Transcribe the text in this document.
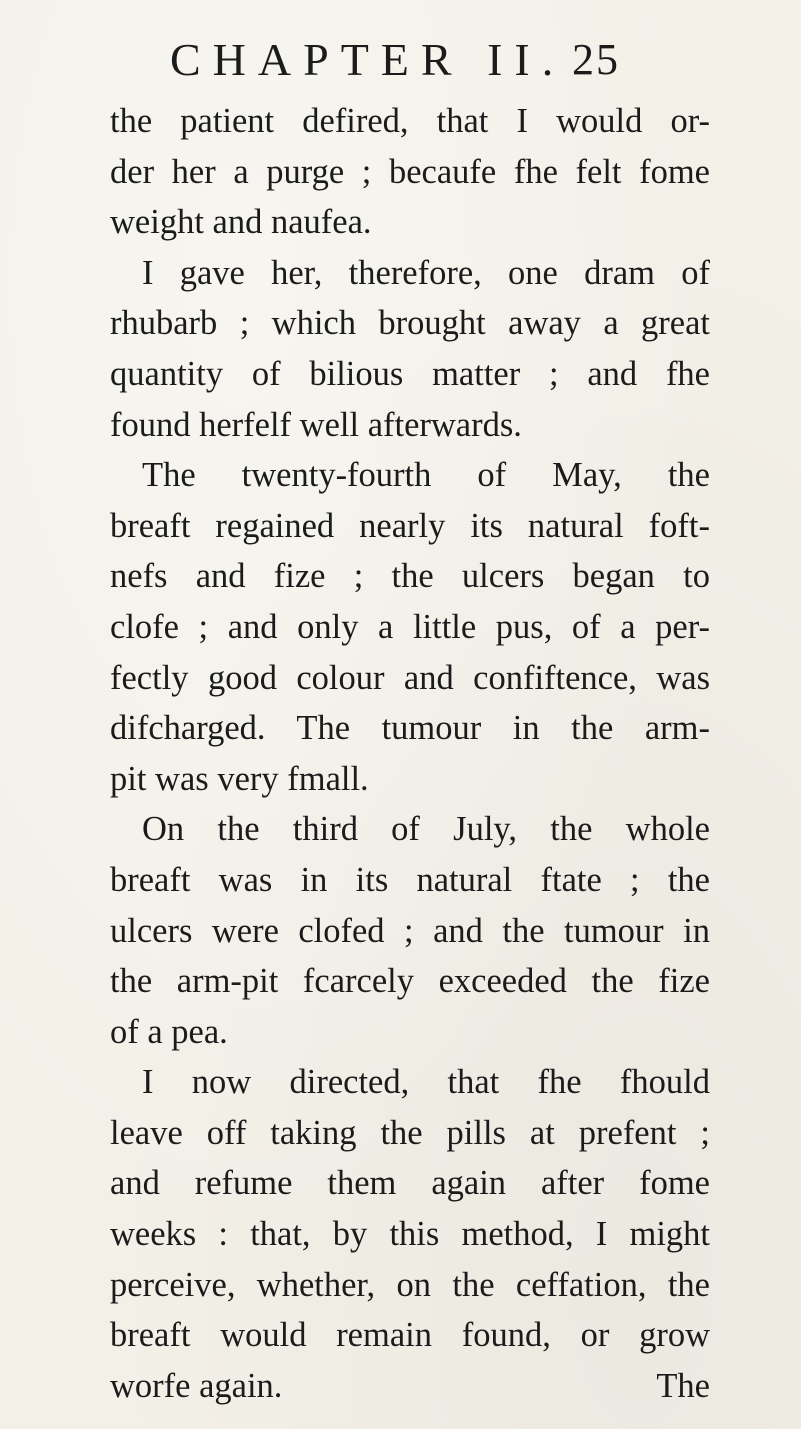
CHAPTER II. 25
the patient defired, that I would or-
der her a purge ; becaufe fhe felt fome
weight and naufea.
I gave her, therefore, one dram of
rhubarb ; which brought away a great
quantity of bilious matter ; and fhe
found herfelf well afterwards.
The twenty-fourth of May, the
breaft regained nearly its natural foft-
nefs and fize ; the ulcers began to
clofe ; and only a little pus, of a per-
fectly good colour and confiftence, was
difcharged. The tumour in the arm-
pit was very fmall.
On the third of July, the whole
breaft was in its natural ftate ; the
ulcers were clofed ; and the tumour in
the arm-pit fcarcely exceeded the fize
of a pea.
I now directed, that fhe fhould
leave off taking the pills at prefent ;
and refume them again after fome
weeks : that, by this method, I might
perceive, whether, on the ceffation, the
breaft would remain found, or grow
worfe again.	The
